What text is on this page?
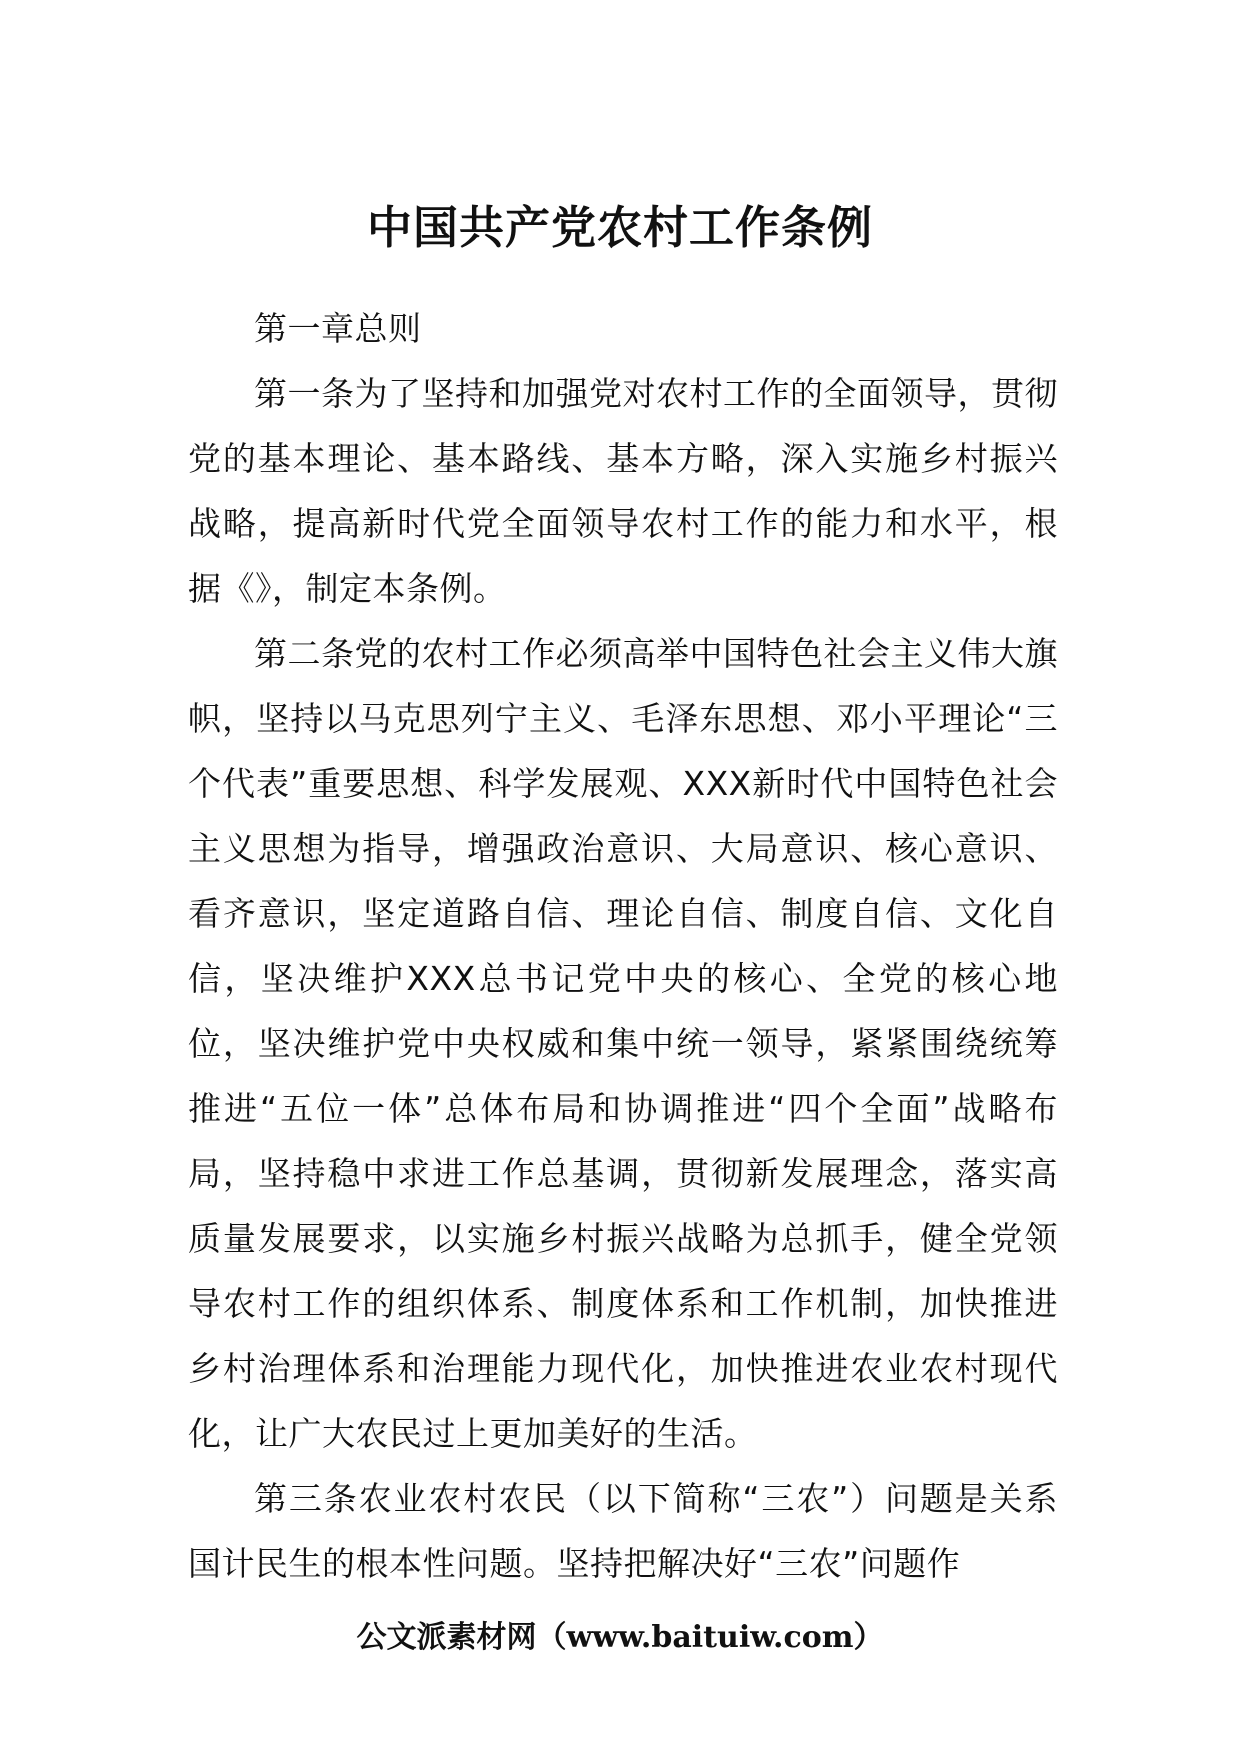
中国共产党农村工作条例

第一章总则

第一条为了坚持和加强党对农村工作的全面领导，贯彻党的基本理论、基本路线、基本方略，深入实施乡村振兴战略，提高新时代党全面领导农村工作的能力和水平，根据《》，制定本条例。

第二条党的农村工作必须高举中国特色社会主义伟大旗帜，坚持以马克思列宁主义、毛泽东思想、邓小平理论“三个代表”重要思想、科学发展观、XXX新时代中国特色社会主义思想为指导，增强政治意识、大局意识、核心意识、看齐意识，坚定道路自信、理论自信、制度自信、文化自信，坚决维护XXX总书记党中央的核心、全党的核心地位，坚决维护党中央权威和集中统一领导，紧紧围绕统筹推进“五位一体”总体布局和协调推进“四个全面”战略布局，坚持稳中求进工作总基调，贯彻新发展理念，落实高质量发展要求，以实施乡村振兴战略为总抓手，健全党领导农村工作的组织体系、制度体系和工作机制，加快推进乡村治理体系和治理能力现代化，加快推进农业农村现代化，让广大农民过上更加美好的生活。

第三条农业农村农民（以下简称“三农”）问题是关系国计民生的根本性问题。坚持把解决好“三农”问题作

公文派素材网（www.baituiw.com）
